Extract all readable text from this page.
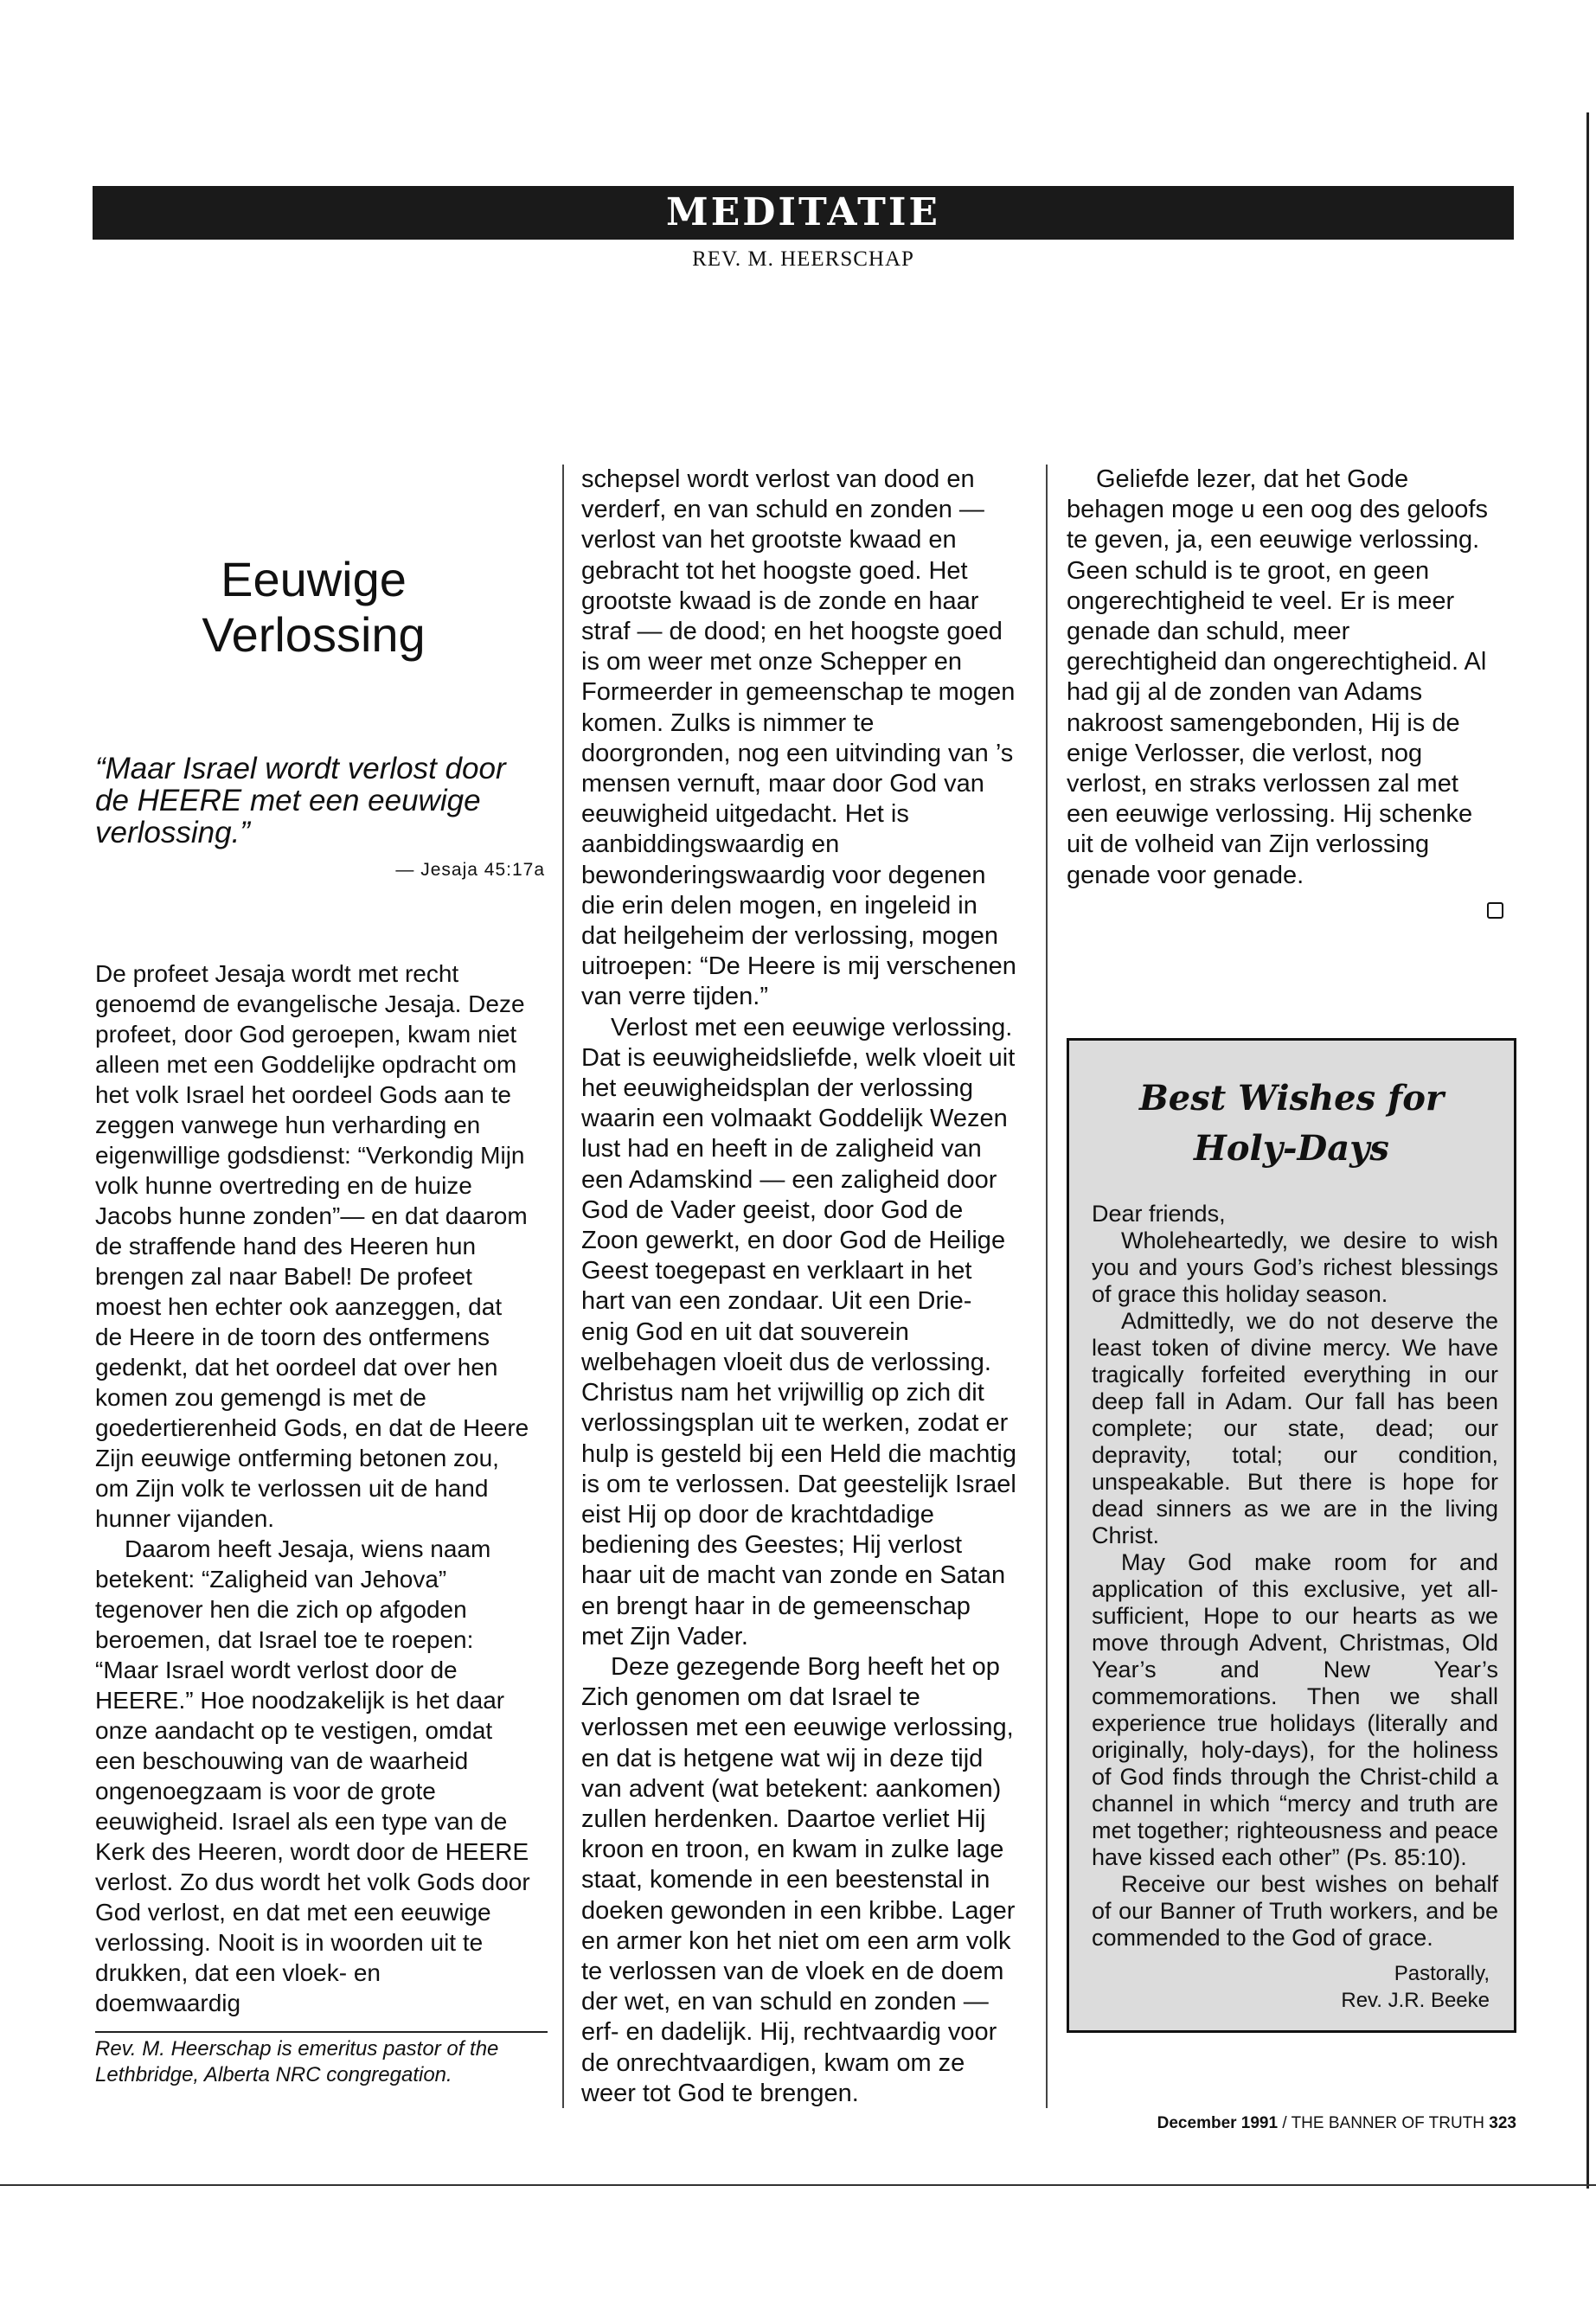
MEDITATIE
REV. M. HEERSCHAP
Eeuwige
Verlossing
“Maar Israel wordt verlost door de HEERE met een eeuwige verlossing.”
— Jesaja 45:17a

De profeet Jesaja wordt met recht genoemd de evangelische Jesaja. Deze profeet, door God geroepen, kwam niet alleen met een Goddelijke opdracht om het volk Israel het oordeel Gods aan te zeggen vanwege hun verharding en eigenwillige godsdienst: “Verkondig Mijn volk hunne overtreding en de huize Jacobs hunne zonden”— en dat daarom de straffende hand des Heeren hun brengen zal naar Babel! De profeet moest hen echter ook aanzeggen, dat de Heere in de toorn des ontfermens gedenkt, dat het oordeel dat over hen komen zou gemengd is met de goedertierenheid Gods, en dat de Heere Zijn eeuwige ontferming betonen zou, om Zijn volk te verlossen uit de hand hunner vijanden.

Daarom heeft Jesaja, wiens naam betekent: “Zaligheid van Jehova” tegenover hen die zich op afgoden beroemen, dat Israel toe te roepen: “Maar Israel wordt verlost door de HEERE.” Hoe noodzakelijk is het daar onze aandacht op te vestigen, omdat een beschouwing van de waarheid ongenoegzaam is voor de grote eeuwigheid. Israel als een type van de Kerk des Heeren, wordt door de HEERE verlost. Zo dus wordt het volk Gods door God verlost, en dat met een eeuwige verlossing. Nooit is in woorden uit te drukken, dat een vloek- en doemwaardig

Rev. M. Heerschap is emeritus pastor of the Lethbridge, Alberta NRC congregation.

schepsel wordt verlost van dood en verderf, en van schuld en zonden — verlost van het grootste kwaad en gebracht tot het hoogste goed. Het grootste kwaad is de zonde en haar straf — de dood; en het hoogste goed is om weer met onze Schepper en Formeerder in gemeenschap te mogen komen. Zulks is nimmer te doorgronden, nog een uitvinding van ’s mensen vernuft, maar door God van eeuwigheid uitgedacht. Het is aanbiddingswaardig en bewonderingswaardig voor degenen die erin delen mogen, en ingeleid in dat heilgeheim der verlossing, mogen uitroepen: “De Heere is mij verschenen van verre tijden.”

Verlost met een eeuwige verlossing. Dat is eeuwigheidsliefde, welk vloeit uit het eeuwigheidsplan der verlossing waarin een volmaakt Goddelijk Wezen lust had en heeft in de zaligheid van een Adamskind — een zaligheid door God de Vader geeist, door God de Zoon gewerkt, en door God de Heilige Geest toegepast en verklaart in het hart van een zondaar. Uit een Drie-enig God en uit dat souverein welbehagen vloeit dus de verlossing. Christus nam het vrijwillig op zich dit verlossingsplan uit te werken, zodat er hulp is gesteld bij een Held die machtig is om te verlossen. Dat geestelijk Israel eist Hij op door de krachtdadige bediening des Geestes; Hij verlost haar uit de macht van zonde en Satan en brengt haar in de gemeenschap met Zijn Vader.

Deze gezegende Borg heeft het op Zich genomen om dat Israel te verlossen met een eeuwige verlossing, en dat is hetgene wat wij in deze tijd van advent (wat betekent: aankomen) zullen herdenken. Daartoe verliet Hij kroon en troon, en kwam in zulke lage staat, komende in een beestenstal in doeken gewonden in een kribbe. Lager en armer kon het niet om een arm volk te verlossen van de vloek en de doem der wet, en van schuld en zonden — erf- en dadelijk. Hij, rechtvaardig voor de onrechtvaardigen, kwam om ze weer tot God te brengen.

Geliefde lezer, dat het Gode behagen moge u een oog des geloofs te geven, ja, een eeuwige verlossing. Geen schuld is te groot, en geen ongerechtigheid te veel. Er is meer genade dan schuld, meer gerechtigheid dan ongerechtigheid. Al had gij al de zonden van Adams nakroost samengebonden, Hij is de enige Verlosser, die verlost, nog verlost, en straks verlossen zal met een eeuwige verlossing. Hij schenke uit de volheid van Zijn verlossing genade voor genade.

Best Wishes for
Holy-Days

Dear friends,

Wholeheartedly, we desire to wish you and yours God’s richest blessings of grace this holiday season.

Admittedly, we do not deserve the least token of divine mercy. We have tragically forfeited everything in our deep fall in Adam. Our fall has been complete; our state, dead; our depravity, total; our condition, unspeakable. But there is hope for dead sinners as we are in the living Christ.

May God make room for and application of this exclusive, yet all-sufficient, Hope to our hearts as we move through Advent, Christmas, Old Year’s and New Year’s commemorations. Then we shall experience true holidays (literally and originally, holy-days), for the holiness of God finds through the Christ-child a channel in which “mercy and truth are met together; righteousness and peace have kissed each other” (Ps. 85:10).

Receive our best wishes on behalf of our Banner of Truth workers, and be commended to the God of grace.

Pastorally,
Rev. J.R. Beeke
December 1991 / THE BANNER OF TRUTH 323
